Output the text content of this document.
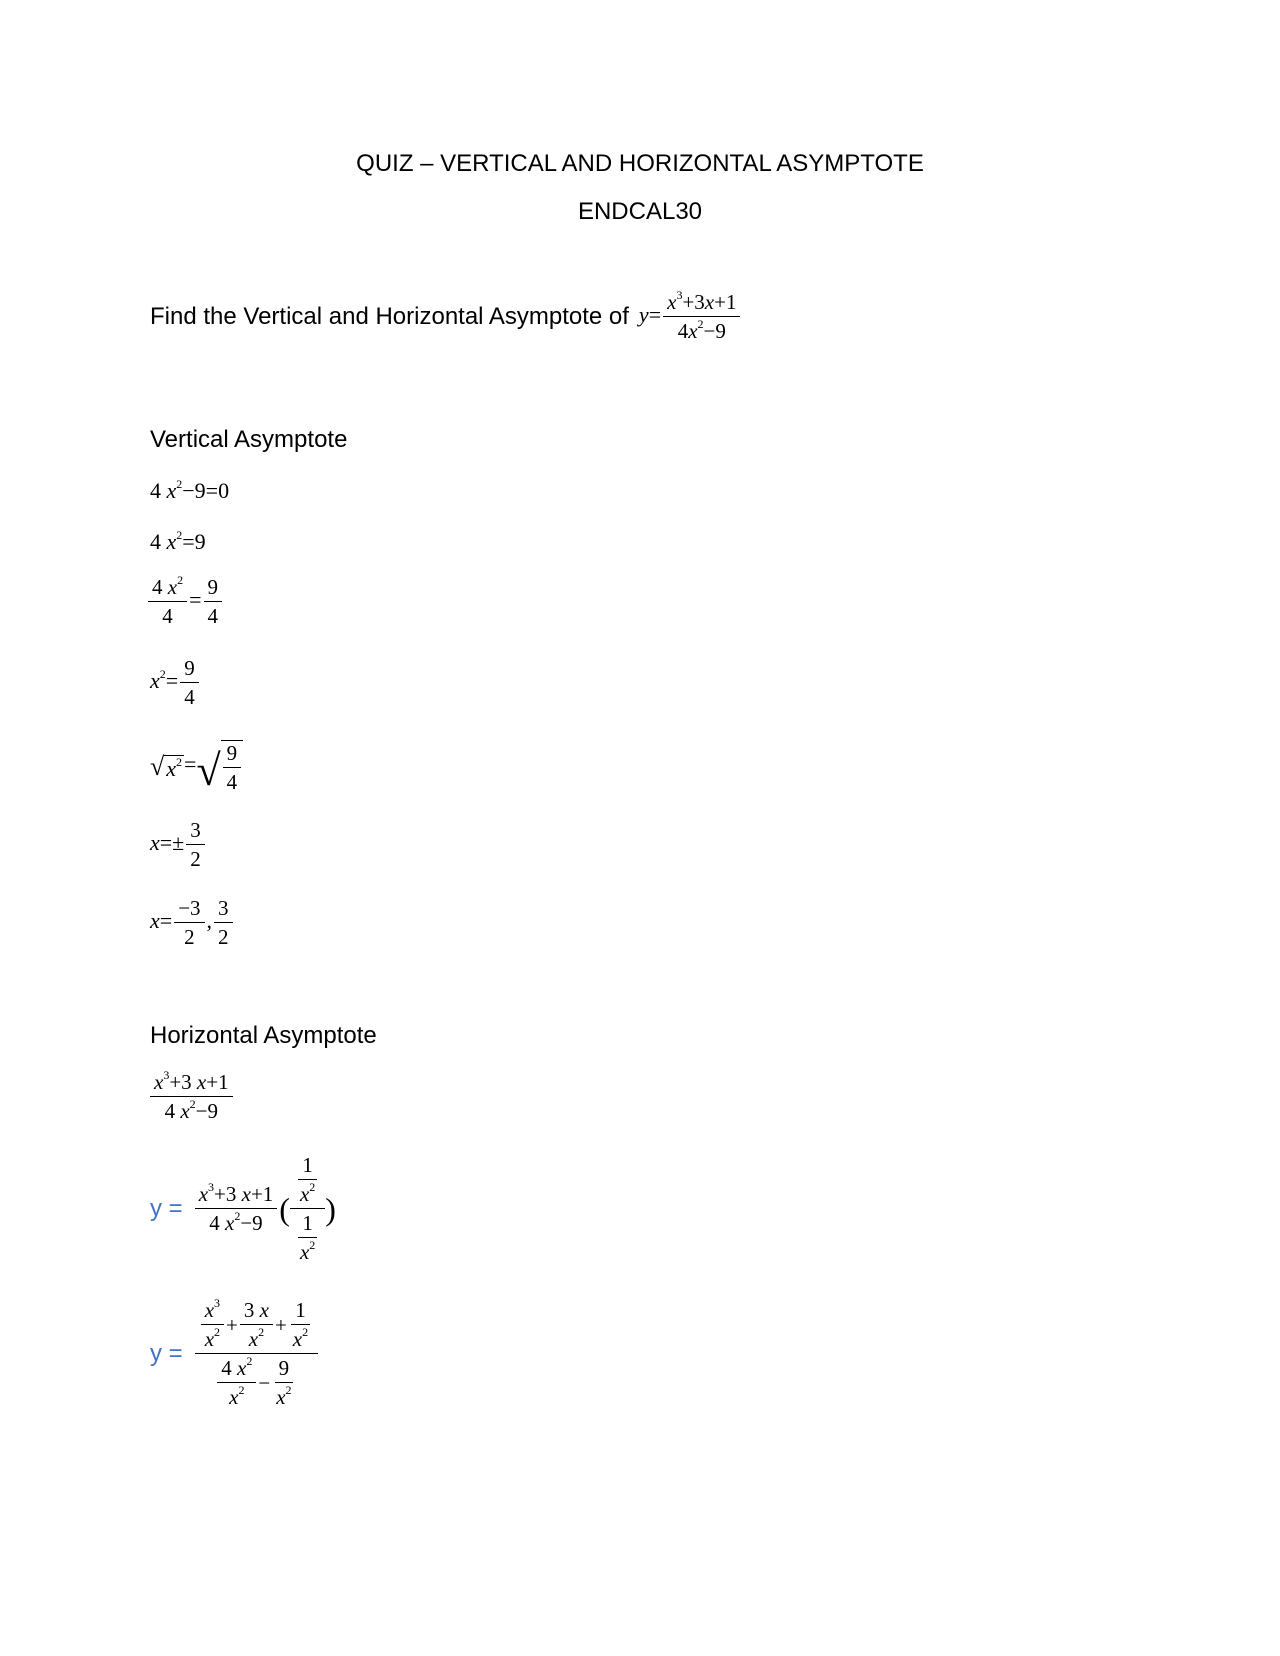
QUIZ – VERTICAL AND HORIZONTAL ASYMPTOTE
ENDCAL30
Find the Vertical and Horizontal Asymptote of $y= \frac{x^3+3x+1}{4x^2-9}$
Vertical Asymptote
4 $x^2-9=0$
4 $x^2=9$
$\frac{4 x^2}{4} = \frac{9}{4}$
$x^2= \frac{9}{4}$
√ $x^2$ = √ $\frac{9}{4}$
$x=\pm \frac{3}{2}$
$x= \frac{-3}{2}$ , $\frac{3}{2}$
Horizontal Asymptote
$\frac{x^3+3 x+1}{4 x^2-9}$
$y = \frac{x^3+3 x+1}{4 x^2-9}$ ( $\frac{\frac{1}{x^2}}{\frac{1}{x^2}}$ )
$y = \frac{\frac{x^3}{x^2} + \frac{3 x}{x^2} + \frac{1}{x^2}}{\frac{4 x^2}{x^2} - \frac{9}{x^2}}$
